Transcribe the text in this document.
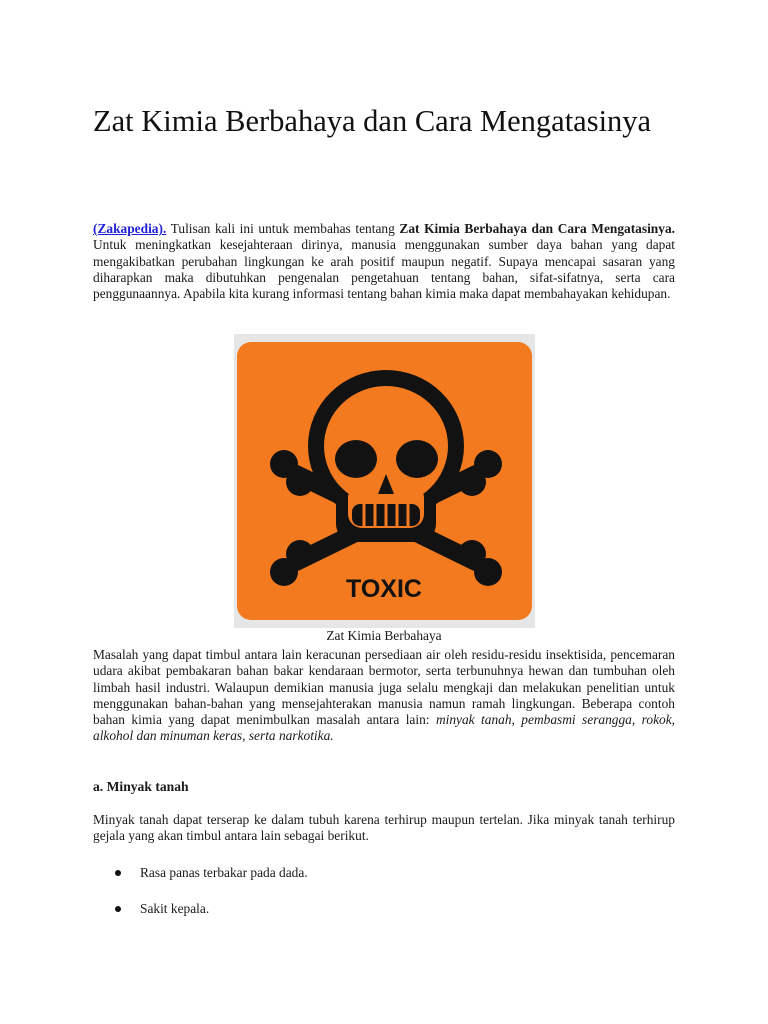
Zat Kimia Berbahaya dan Cara Mengatasinya

(Zakapedia). Tulisan kali ini untuk membahas tentang Zat Kimia Berbahaya dan Cara Mengatasinya. Untuk meningkatkan kesejahteraan dirinya, manusia menggunakan sumber daya bahan yang dapat mengakibatkan perubahan lingkungan ke arah positif maupun negatif. Supaya mencapai sasaran yang diharapkan maka dibutuhkan pengenalan pengetahuan tentang bahan, sifat-sifatnya, serta cara penggunaannya. Apabila kita kurang informasi tentang bahan kimia maka dapat membahayakan kehidupan.

TOXIC
Zat Kimia Berbahaya

Masalah yang dapat timbul antara lain keracunan persediaan air oleh residu-residu insektisida, pencemaran udara akibat pembakaran bahan bakar kendaraan bermotor, serta terbunuhnya hewan dan tumbuhan oleh limbah hasil industri. Walaupun demikian manusia juga selalu mengkaji dan melakukan penelitian untuk menggunakan bahan-bahan yang mensejahterakan manusia namun ramah lingkungan. Beberapa contoh bahan kimia yang dapat menimbulkan masalah antara lain: minyak tanah, pembasmi serangga, rokok, alkohol dan minuman keras, serta narkotika.

a. Minyak tanah

Minyak tanah dapat terserap ke dalam tubuh karena terhirup maupun tertelan. Jika minyak tanah terhirup gejala yang akan timbul antara lain sebagai berikut.

Rasa panas terbakar pada dada.
Sakit kepala.
